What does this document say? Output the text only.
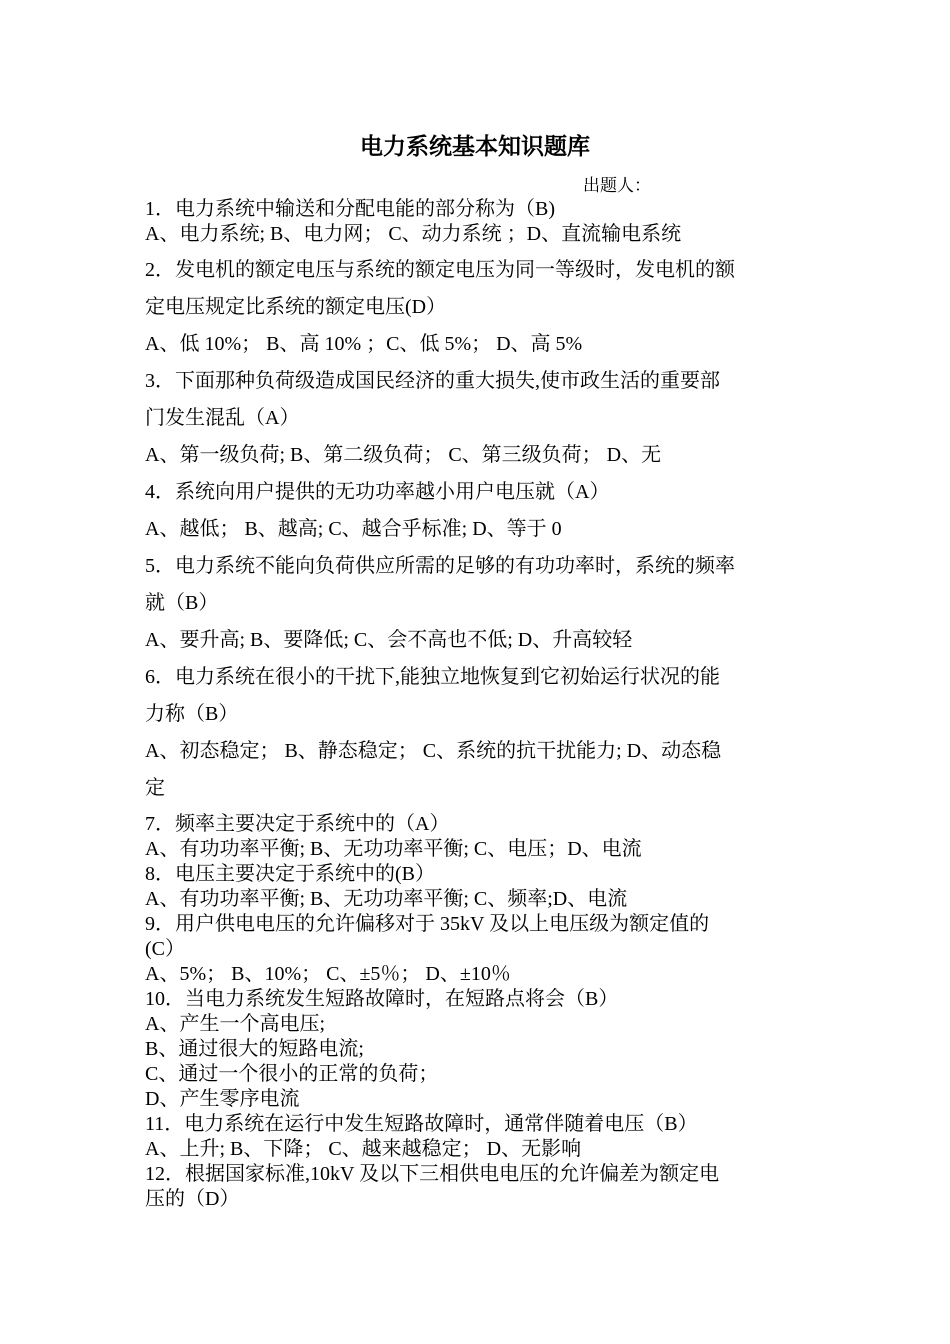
电力系统基本知识题库
出题人：
1．电力系统中输送和分配电能的部分称为（B)
A、电力系统; B、电力网； C、动力系统 ；D、直流输电系统
2．发电机的额定电压与系统的额定电压为同一等级时，发电机的额
定电压规定比系统的额定电压(D）
A、低 10%； B、高 10% ；C、低 5%； D、高 5%
3．下面那种负荷级造成国民经济的重大损失,使市政生活的重要部
门发生混乱（A）
A、第一级负荷; B、第二级负荷； C、第三级负荷； D、无
4．系统向用户提供的无功功率越小用户电压就（A）
A、越低； B、越高; C、越合乎标准; D、等于 0
5．电力系统不能向负荷供应所需的足够的有功功率时，系统的频率
就（B）
A、要升高; B、要降低; C、会不高也不低; D、升高较轻
6．电力系统在很小的干扰下,能独立地恢复到它初始运行状况的能
力称（B）
A、初态稳定； B、静态稳定； C、系统的抗干扰能力; D、动态稳
定
7．频率主要决定于系统中的（A）
A、有功功率平衡; B、无功功率平衡; C、电压；D、电流
8．电压主要决定于系统中的(B）
A、有功功率平衡; B、无功功率平衡; C、频率;D、电流
9．用户供电电压的允许偏移对于 35kV 及以上电压级为额定值的
(C）
A、5%； B、10%； C、±5％； D、±10％
10．当电力系统发生短路故障时，在短路点将会（B）
A、产生一个高电压;
B、通过很大的短路电流;
C、通过一个很小的正常的负荷；
D、产生零序电流
11．电力系统在运行中发生短路故障时，通常伴随着电压（B）
A、上升; B、下降； C、越来越稳定； D、无影响
12．根据国家标准,10kV 及以下三相供电电压的允许偏差为额定电
压的（D）
